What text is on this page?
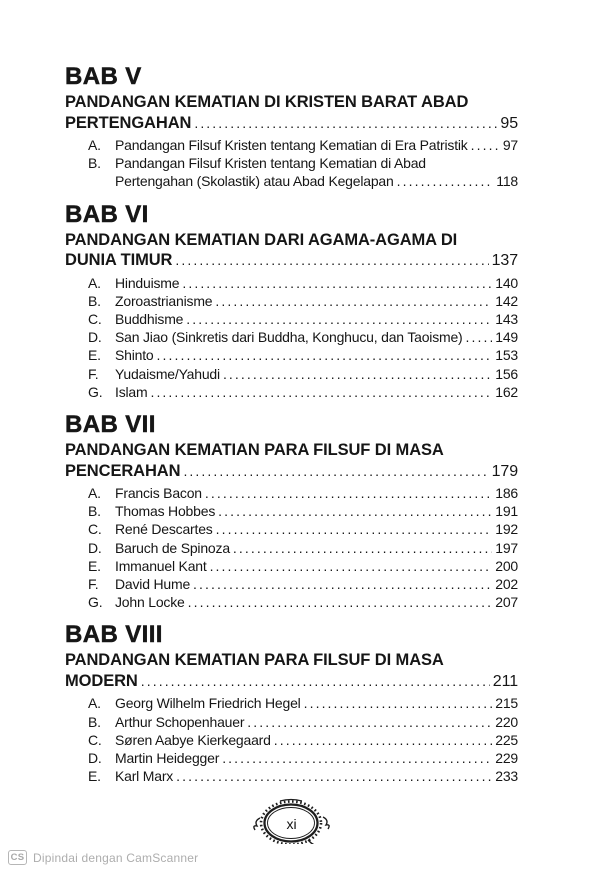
BAB V
PANDANGAN KEMATIAN DI KRISTEN BARAT ABAD
PERTENGAHAN .....	95
A.	Pandangan Filsuf Kristen tentang Kematian di Era Patristik .....	97
B.	Pandangan Filsuf Kristen tentang Kematian di Abad
Pertengahan (Skolastik) atau Abad Kegelapan .....	118
BAB VI
PANDANGAN KEMATIAN DARI AGAMA-AGAMA DI
DUNIA TIMUR .....	137
A.	Hinduisme .....	140
B.	Zoroastrianisme .....	142
C. Buddhisme .....	143
D. San Jiao (Sinkretis dari Buddha, Konghucu, dan Taoisme) ..... 149
E.	Shinto .....	153
F.	Yudaisme/Yahudi .....	156
G. Islam .....	162
BAB VII
PANDANGAN KEMATIAN PARA FILSUF DI MASA
PENCERAHAN .....	179
A.	Francis Bacon .....	186
B.	Thomas Hobbes .....	191
C. René Descartes .....	192
D. Baruch de Spinoza .....	197
E.	Immanuel Kant .....	200
F.	David Hume .....	202
G. John Locke .....	207
BAB VIII
PANDANGAN KEMATIAN PARA FILSUF DI MASA
MODERN .....	211
A.	Georg Wilhelm Friedrich Hegel .....	215
B.	Arthur Schopenhauer .....	220
C. Søren Aabye Kierkegaard .....	225
D. Martin Heidegger .....	229
E.	Karl Marx .....	233
xi
CS Dipindai dengan CamScanner
